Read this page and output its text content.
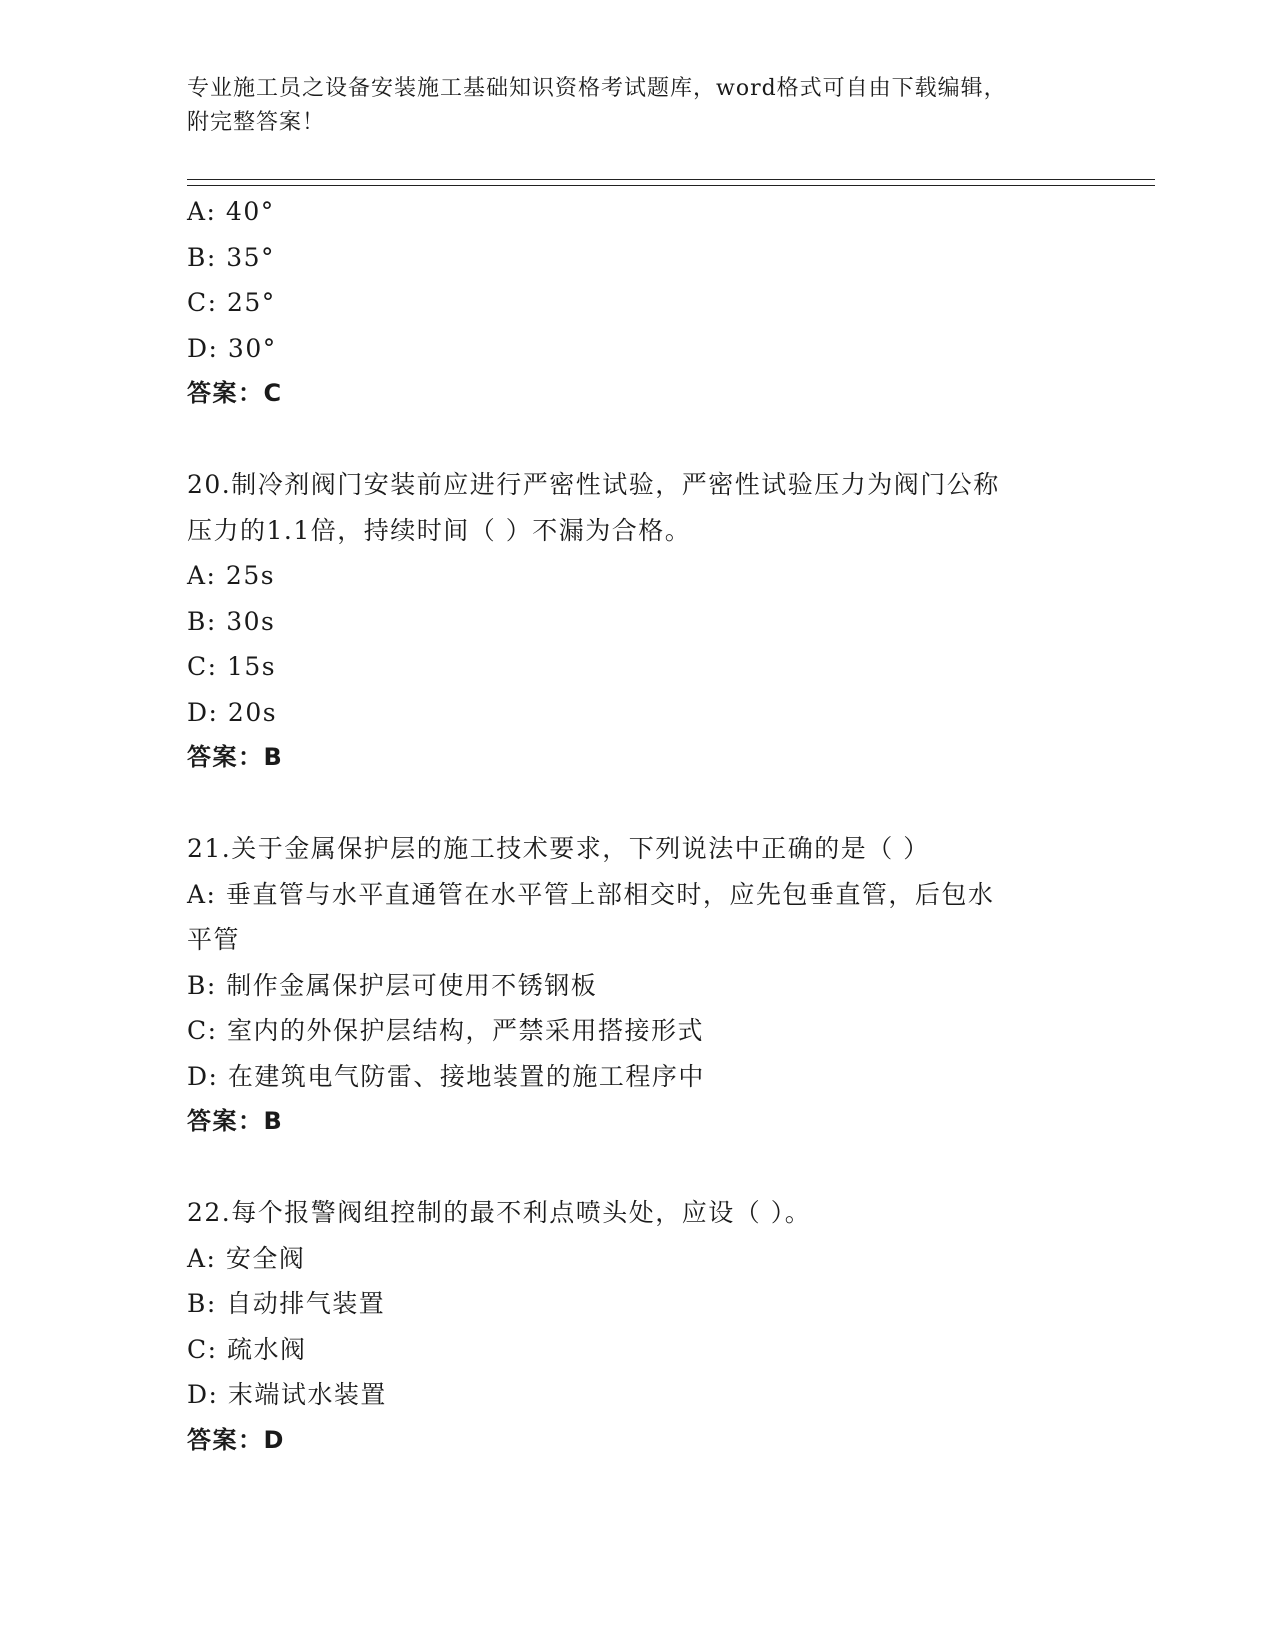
专业施工员之设备安装施工基础知识资格考试题库，word格式可自由下载编辑，
附完整答案！
A: 40°
B: 35°
C: 25°
D: 30°
答案：C
20.制冷剂阀门安装前应进行严密性试验，严密性试验压力为阀门公称
压力的1.1倍，持续时间（ ）不漏为合格。
A: 25s
B: 30s
C: 15s
D: 20s
答案：B
21.关于金属保护层的施工技术要求，下列说法中正确的是（ ）
A: 垂直管与水平直通管在水平管上部相交时，应先包垂直管，后包水
平管
B: 制作金属保护层可使用不锈钢板
C: 室内的外保护层结构，严禁采用搭接形式
D: 在建筑电气防雷、接地装置的施工程序中
答案：B
22.每个报警阀组控制的最不利点喷头处，应设（ ）。
A: 安全阀
B: 自动排气装置
C: 疏水阀
D: 末端试水装置
答案：D
